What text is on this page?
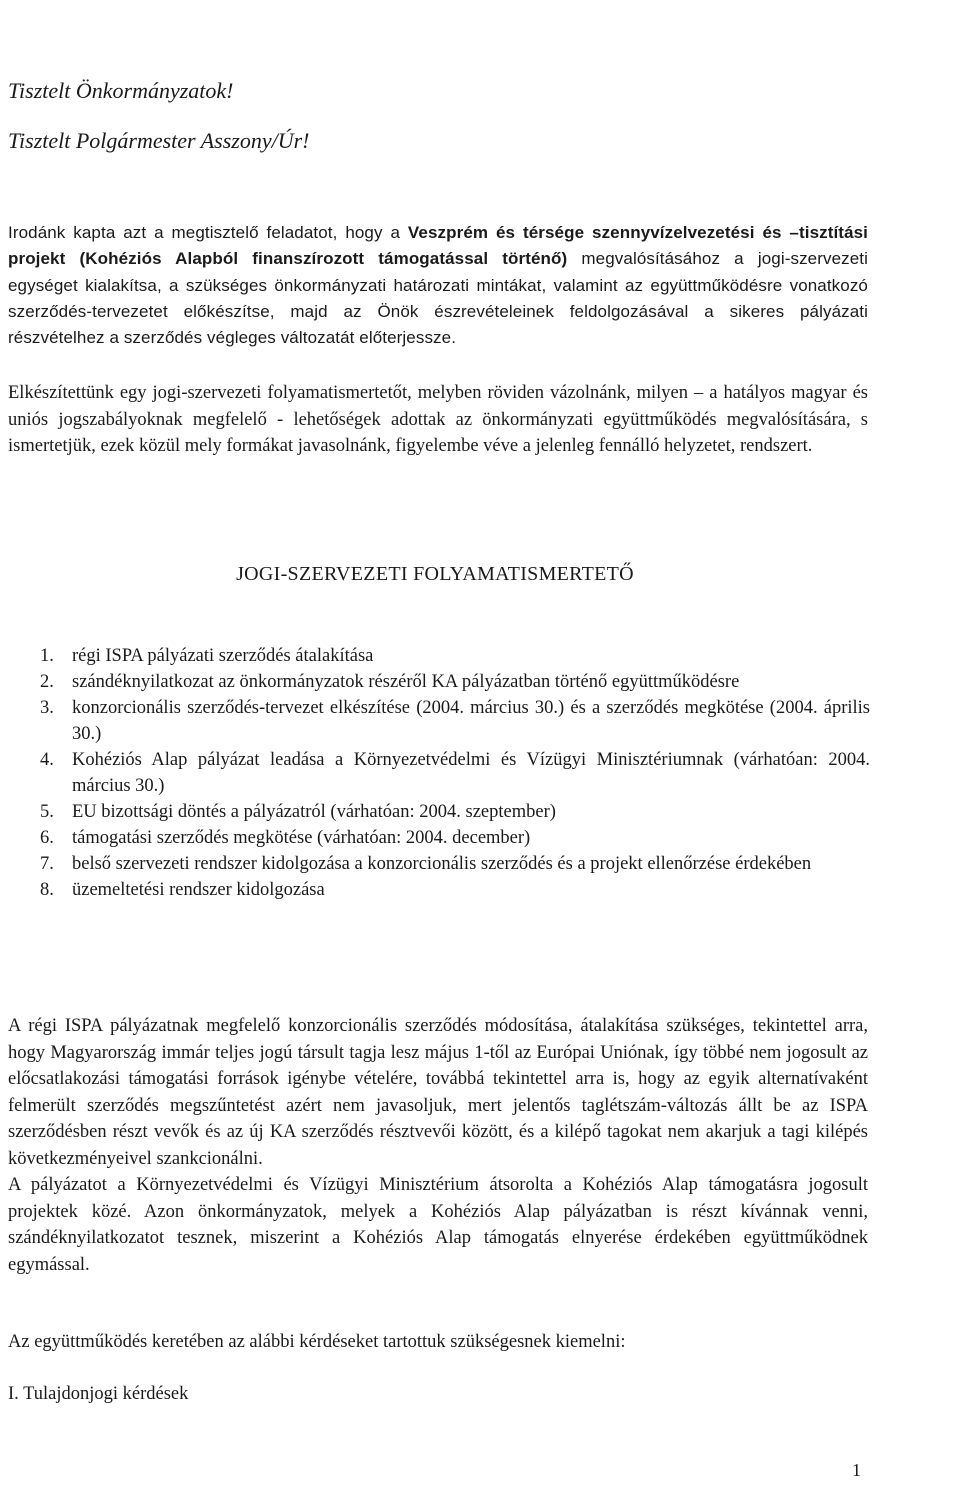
Tisztelt Önkormányzatok!
Tisztelt Polgármester Asszony/Úr!
Irodánk kapta azt a megtisztelő feladatot, hogy a Veszprém és térsége szennyvízelvezetési és –tisztítási projekt (Kohéziós Alapból finanszírozott támogatással történő) megvalósításához a jogi-szervezeti egységet kialakítsa, a szükséges önkormányzati határozati mintákat, valamint az együttműködésre vonatkozó szerződés-tervezetet előkészítse, majd az Önök észrevételeinek feldolgozásával a sikeres pályázati részvételhez a szerződés végleges változatát előterjessze.
Elkészítettünk egy jogi-szervezeti folyamatismertetőt, melyben röviden vázolnánk, milyen – a hatályos magyar és uniós jogszabályoknak megfelelő - lehetőségek adottak az önkormányzati együttműködés megvalósítására, s ismertetjük, ezek közül mely formákat javasolnánk, figyelembe véve a jelenleg fennálló helyzetet, rendszert.
JOGI-SZERVEZETI FOLYAMATISMERTETŐ
1. régi ISPA pályázati szerződés átalakítása
2. szándéknyilatkozat az önkormányzatok részéről KA pályázatban történő együttműködésre
3. konzorcionális szerződés-tervezet elkészítése (2004. március 30.) és a szerződés megkötése (2004. április 30.)
4. Kohéziós Alap pályázat leadása a Környezetvédelmi és Vízügyi Minisztériumnak (várhatóan: 2004. március 30.)
5. EU bizottsági döntés a pályázatról (várhatóan: 2004. szeptember)
6. támogatási szerződés megkötése (várhatóan: 2004. december)
7. belső szervezeti rendszer kidolgozása a konzorcionális szerződés és a projekt ellenőrzése érdekében
8. üzemeltetési rendszer kidolgozása

A régi ISPA pályázatnak megfelelő konzorcionális szerződés módosítása, átalakítása szükséges, tekintettel arra, hogy Magyarország immár teljes jogú társult tagja lesz május 1-től az Európai Uniónak, így többé nem jogosult az előcsatlakozási támogatási források igénybe vételére, továbbá tekintettel arra is, hogy az egyik alternatívaként felmerült szerződés megszűntetést azért nem javasoljuk, mert jelentős taglétszám-változás állt be az ISPA szerződésben részt vevők és az új KA szerződés résztvevői között, és a kilépő tagokat nem akarjuk a tagi kilépés következményeivel szankcionálni.

A pályázatot a Környezetvédelmi és Vízügyi Minisztérium átsorolta a Kohéziós Alap támogatásra jogosult projektek közé. Azon önkormányzatok, melyek a Kohéziós Alap pályázatban is részt kívánnak venni, szándéknyilatkozatot tesznek, miszerint a Kohéziós Alap támogatás elnyerése érdekében együttműködnek egymással.

Az együttműködés keretében az alábbi kérdéseket tartottuk szükségesnek kiemelni:
I. Tulajdonjogi kérdések
1
